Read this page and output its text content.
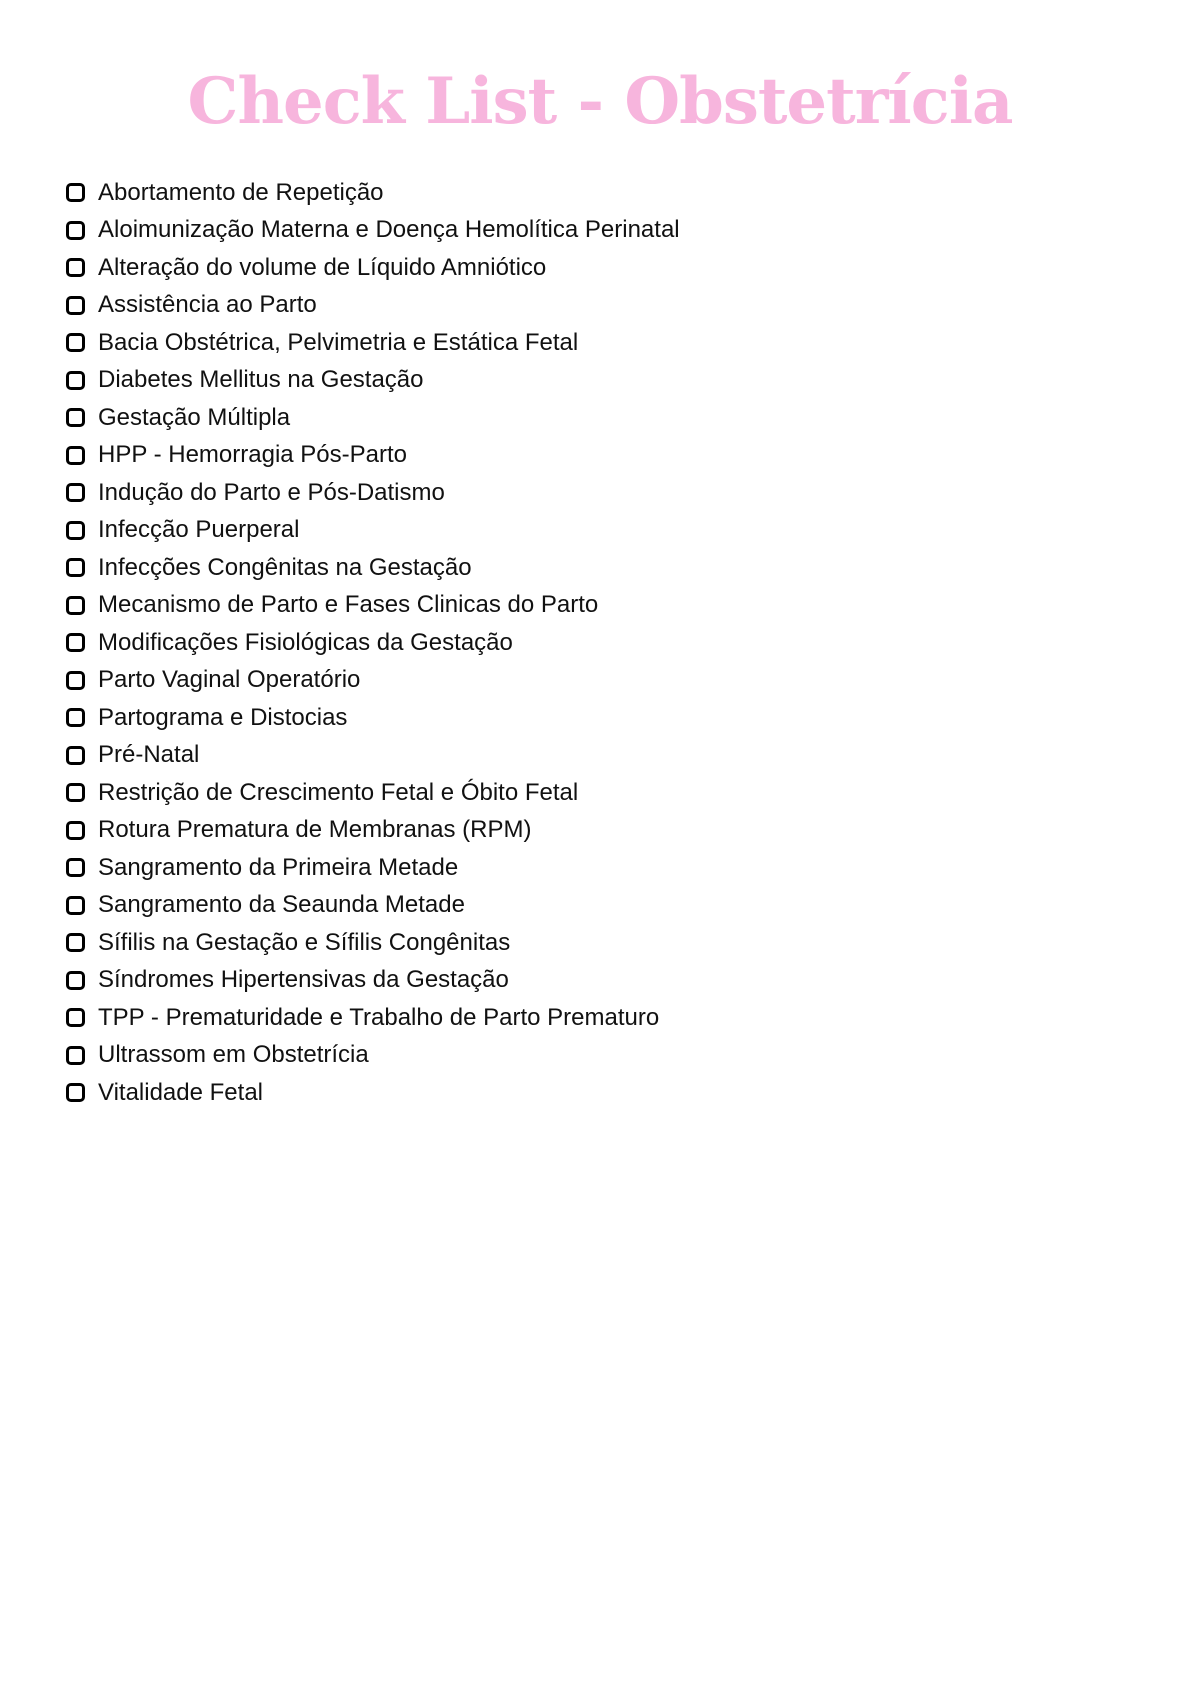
Check List - Obstetrícia
Abortamento de Repetição
Aloimunização Materna e Doença Hemolítica Perinatal
Alteração do volume de Líquido Amniótico
Assistência ao Parto
Bacia Obstétrica, Pelvimetria e Estática Fetal
Diabetes Mellitus na Gestação
Gestação Múltipla
HPP - Hemorragia Pós-Parto
Indução do Parto e Pós-Datismo
Infecção Puerperal
Infecções Congênitas na Gestação
Mecanismo de Parto e Fases Clinicas do Parto
Modificações Fisiológicas da Gestação
Parto Vaginal Operatório
Partograma e Distocias
Pré-Natal
Restrição de Crescimento Fetal e Óbito Fetal
Rotura Prematura de Membranas (RPM)
Sangramento da Primeira Metade
Sangramento da Seaunda Metade
Sífilis na Gestação e Sífilis Congênitas
Síndromes Hipertensivas da Gestação
TPP - Prematuridade e Trabalho de Parto Prematuro
Ultrassom em Obstetrícia
Vitalidade Fetal
